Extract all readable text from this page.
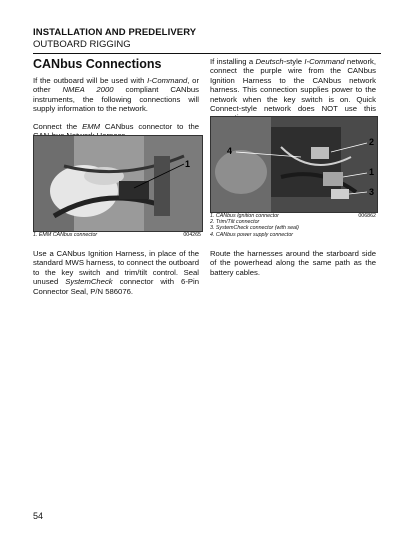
INSTALLATION AND PREDELIVERY
OUTBOARD RIGGING
CANbus Connections

If the outboard will be used with I-Command, or other NMEA 2000 compliant CANbus instruments, the following connections will supply information to the network.

Connect the EMM CANbus connector to the

1
1. EMM CANbus connector	004265

Use a CANbus Ignition Harness, in place of the standard MWS harness, to connect the outboard to the key switch and trim/tilt control. Seal unused SystemCheck connector with 6-Pin Connector Seal, P/N 586076.

If installing a Deutsch-style I-Command network, connect the purple wire from the CANbus Ignition Harness to the CANbus network harness. This connection supplies power to the network when the key switch is on. Quick Connect-style network does NOT use this

2
4
1
3
1. CANbus Ignition connector	006862
2. Trim/Tilt connector
3. SystemCheck connector (with seal)
4. CANbus power supply connector

Route the harnesses around the starboard side of the powerhead along the same path as the battery cables.

54
